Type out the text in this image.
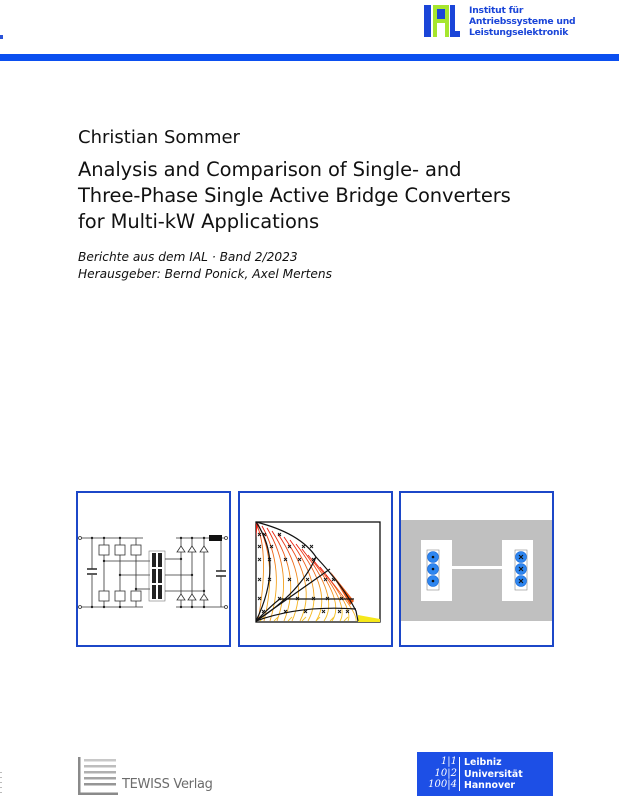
Institut für
Antriebssysteme und
Leistungselektronik
Christian Sommer
Analysis and Comparison of Single- and
Three-Phase Single Active Bridge Converters
for Multi-kW Applications
Berichte aus dem IAL · Band 2/2023
Herausgeber: Bernd Ponick, Axel Mertens
TEWISS Verlag
1|1
10|2
100|4
Leibniz
Universität
Hannover
